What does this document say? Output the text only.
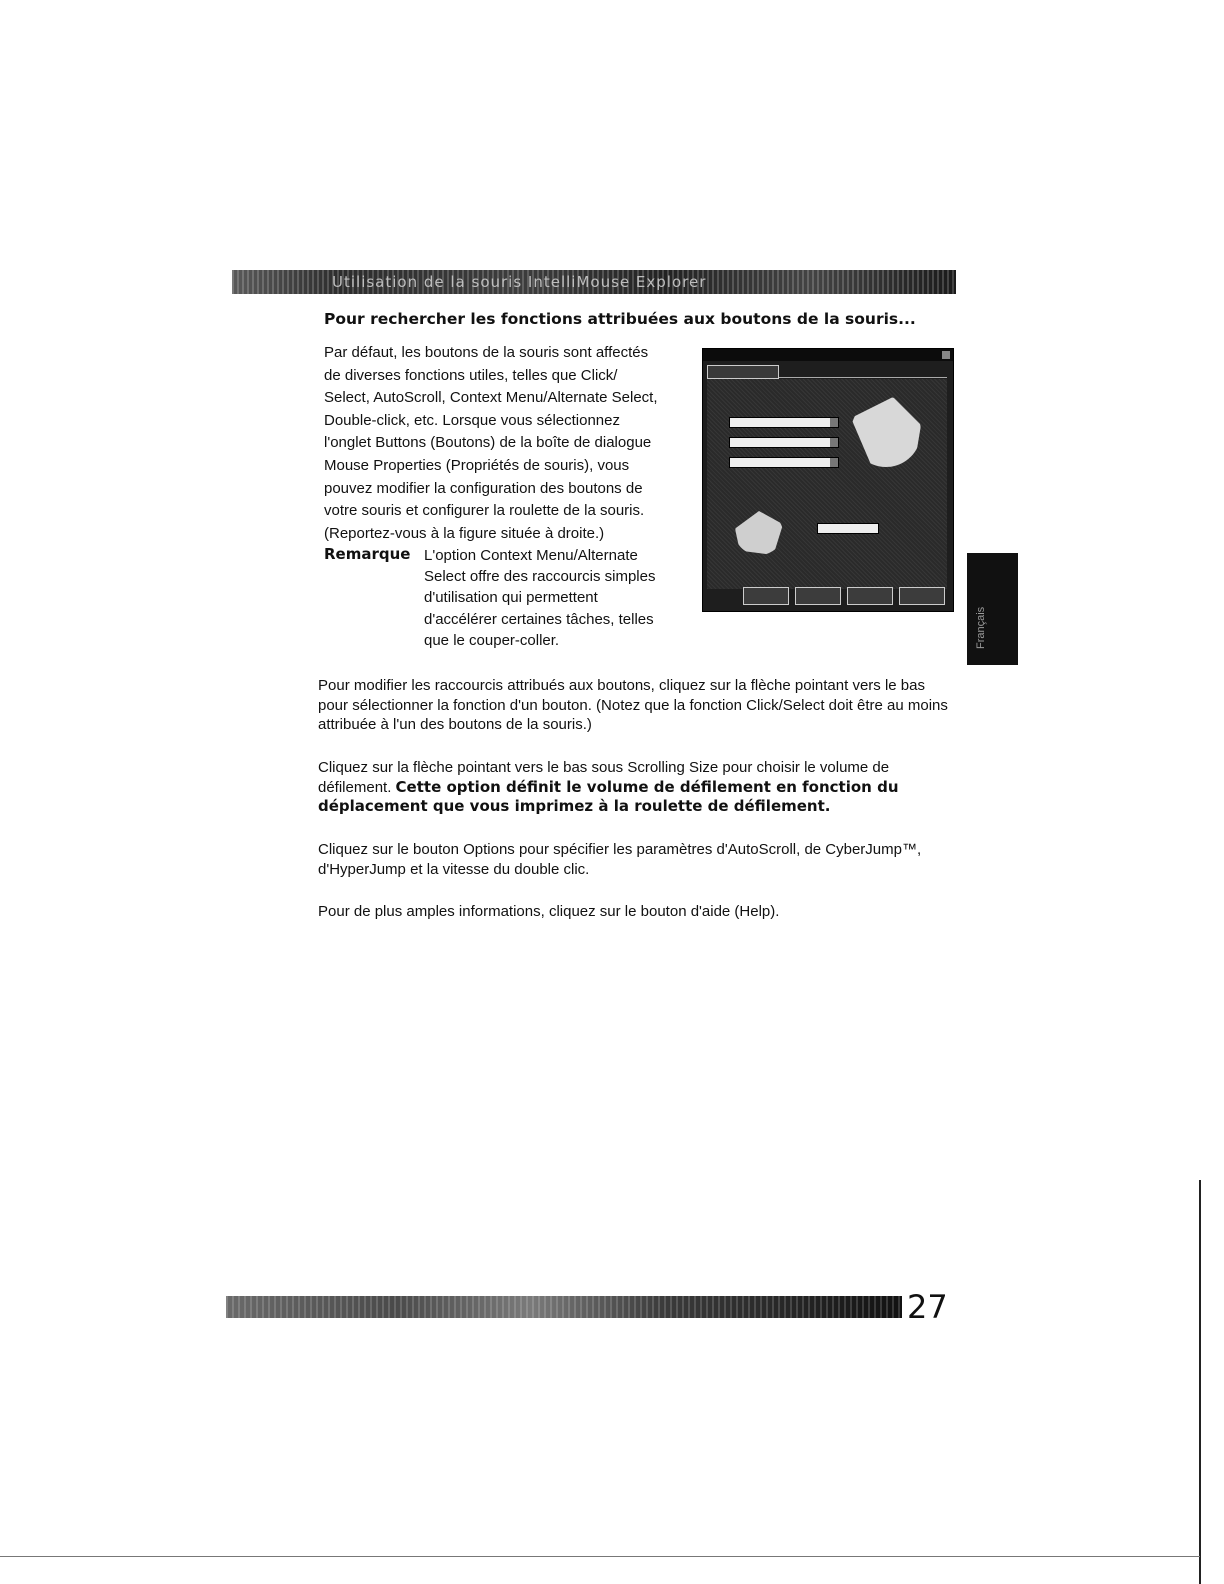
Utilisation de la souris IntelliMouse Explorer
Pour rechercher les fonctions attribuées aux boutons de la souris...
Par défaut, les boutons de la souris sont affectés
de diverses fonctions utiles, telles que Click/
Select, AutoScroll, Context Menu/Alternate Select,
Double-click, etc. Lorsque vous sélectionnez
l'onglet Buttons (Boutons) de la boîte de dialogue
Mouse Properties (Propriétés de souris), vous
pouvez modifier la configuration des boutons de
votre souris et configurer la roulette de la souris.
(Reportez-vous à la figure située à droite.)
Remarque L'option Context Menu/Alternate
Select offre des raccourcis simples
d'utilisation qui permettent
d'accélérer certaines tâches, telles
que le couper-coller.
Pour modifier les raccourcis attribués aux boutons, cliquez sur la flèche pointant vers le bas pour sélectionner la fonction d'un bouton. (Notez que la fonction Click/Select doit être au moins attribuée à l'un des boutons de la souris.)
Cliquez sur la flèche pointant vers le bas sous Scrolling Size pour choisir le volume de défilement. Cette option définit le volume de défilement en fonction du déplacement que vous imprimez à la roulette de défilement.
Cliquez sur le bouton Options pour spécifier les paramètres d'AutoScroll, de CyberJump™, d'HyperJump et la vitesse du double clic.
Pour de plus amples informations, cliquez sur le bouton d'aide (Help).
Français
27
